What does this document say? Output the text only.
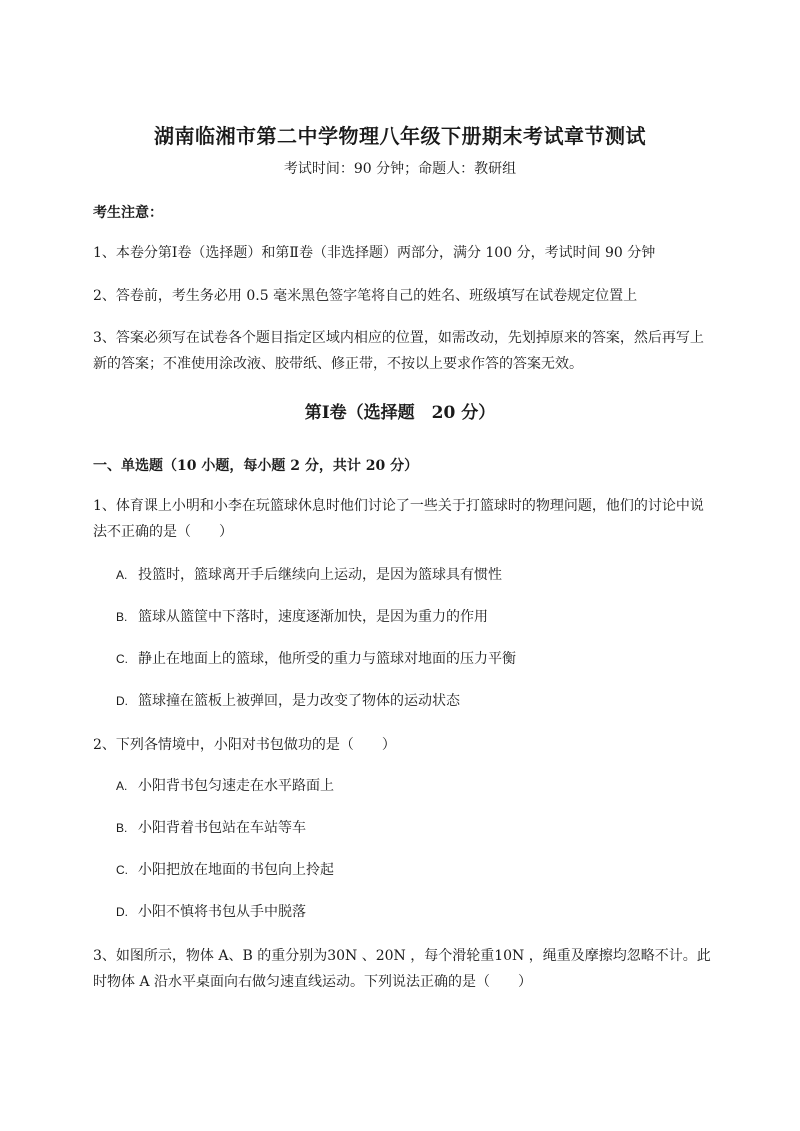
湖南临湘市第二中学物理八年级下册期末考试章节测试
考试时间：90 分钟；命题人：教研组
考生注意：
1、本卷分第Ⅰ卷（选择题）和第Ⅱ卷（非选择题）两部分，满分 100 分，考试时间 90 分钟
2、答卷前，考生务必用 0.5 毫米黑色签字笔将自己的姓名、班级填写在试卷规定位置上
3、答案必须写在试卷各个题目指定区域内相应的位置，如需改动，先划掉原来的答案，然后再写上新的答案；不准使用涂改液、胶带纸、修正带，不按以上要求作答的答案无效。
第Ⅰ卷（选择题　20 分）
一、单选题（10 小题，每小题 2 分，共计 20 分）
1、体育课上小明和小李在玩篮球休息时他们讨论了一些关于打篮球时的物理问题，他们的讨论中说法不正确的是（　　）
A. 投篮时，篮球离开手后继续向上运动，是因为篮球具有惯性
B. 篮球从篮筐中下落时，速度逐渐加快，是因为重力的作用
C. 静止在地面上的篮球，他所受的重力与篮球对地面的压力平衡
D. 篮球撞在篮板上被弹回，是力改变了物体的运动状态
2、下列各情境中，小阳对书包做功的是（　　）
A. 小阳背书包匀速走在水平路面上
B. 小阳背着书包站在车站等车
C. 小阳把放在地面的书包向上拎起
D. 小阳不慎将书包从手中脱落
3、如图所示，物体 A、B 的重分别为30N 、20N ，每个滑轮重10N ，绳重及摩擦均忽略不计。此时物体 A 沿水平桌面向右做匀速直线运动。下列说法正确的是（　　）
